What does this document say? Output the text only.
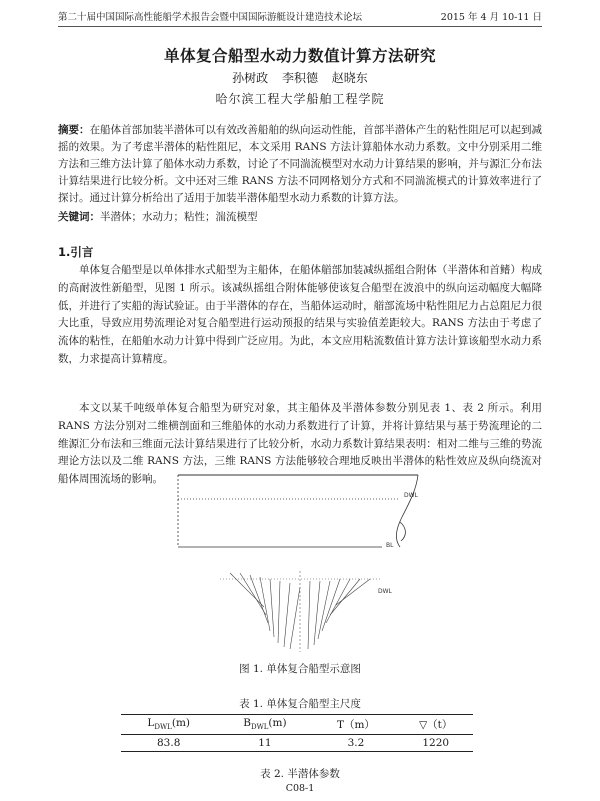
第二十届中国国际高性能船学术报告会暨中国国际游艇设计建造技术论坛	2015 年 4 月 10-11 日
单体复合船型水动力数值计算方法研究
孙树政 李积德 赵晓东
哈尔滨工程大学船舶工程学院
摘要：在船体首部加装半潜体可以有效改善船舶的纵向运动性能，首部半潜体产生的粘性阻尼可以起到减摇的效果。为了考虑半潜体的粘性阻尼，本文采用 RANS 方法计算船体水动力系数。文中分别采用二维方法和三维方法计算了船体水动力系数，讨论了不同湍流模型对水动力计算结果的影响，并与源汇分布法计算结果进行比较分析。文中还对三维 RANS 方法不同网格划分方式和不同湍流模式的计算效率进行了探讨。通过计算分析给出了适用于加装半潜体船型水动力系数的计算方法。
关键词：半潜体；水动力；粘性；湍流模型
1.引言
单体复合船型是以单体排水式船型为主船体，在船体艏部加装减纵摇组合附体（半潜体和首鳍）构成的高耐波性新船型，见图 1 所示。该减纵摇组合附体能够使该复合船型在波浪中的纵向运动幅度大幅降低，并进行了实船的海试验证。由于半潜体的存在，当船体运动时，艏部流场中粘性阻尼力占总阻尼力很大比重，导致应用势流理论对复合船型进行运动预报的结果与实验值差距较大。RANS 方法由于考虑了流体的粘性，在船舶水动力计算中得到广泛应用。为此，本文应用粘流数值计算方法计算该船型水动力系数，力求提高计算精度。
本文以某千吨级单体复合船型为研究对象，其主船体及半潜体参数分别见表 1、表 2 所示。利用 RANS 方法分别对二维横剖面和三维船体的水动力系数进行了计算，并将计算结果与基于势流理论的二维源汇分布法和三维面元法计算结果进行了比较分析，水动力系数计算结果表明：相对二维与三维的势流理论方法以及二维 RANS 方法，三维 RANS 方法能够较合理地反映出半潜体的粘性效应及纵向绕流对船体周围流场的影响。
DWL
BL
DWL
图 1. 单体复合船型示意图
表 1. 单体复合船型主尺度
$L_{DWL}(m)$	$B_{DWL}(m)$	T（m）	▽（t）
83.8	11	3.2	1220
表 2. 半潜体参数
C08-1
